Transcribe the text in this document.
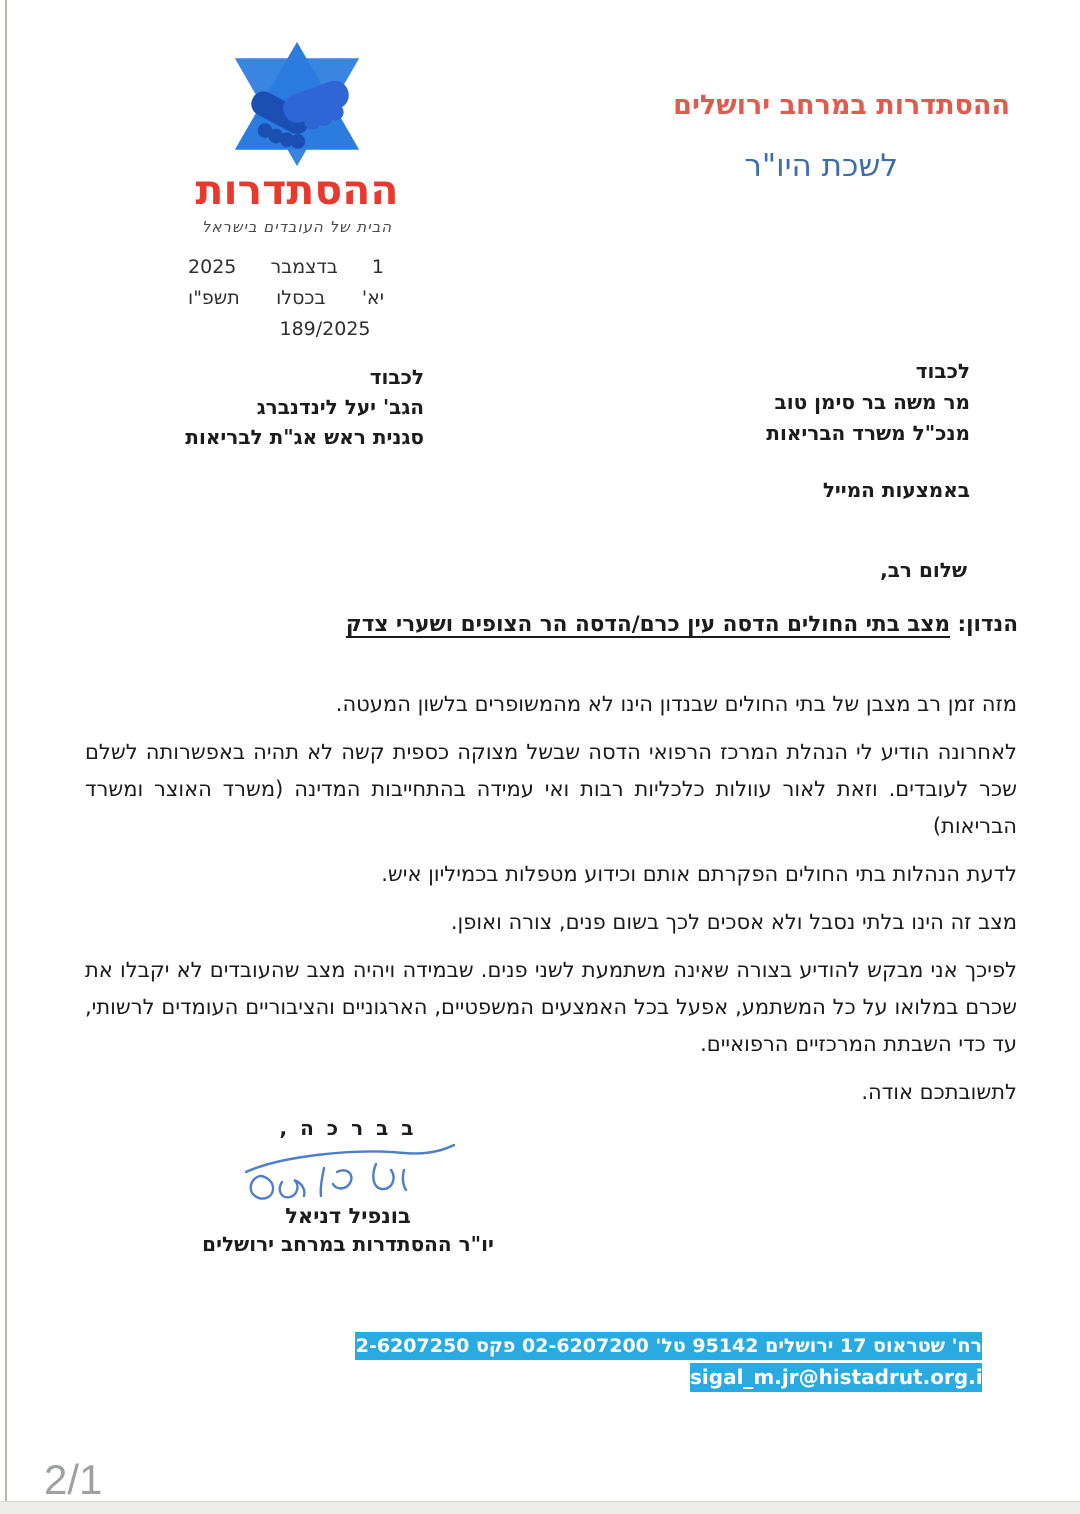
ההסתדרות
הבית של העובדים בישראל
ההסתדרות במרחב ירושלים
לשכת היו"ר
1
בדצמבר
2025
יא'
בכסלו
תשפ"ו
189/2025
לכבוד
מר משה בר סימן טוב
מנכ"ל משרד הבריאות
באמצעות המייל
לכבוד
הגב' יעל לינדנברג
סגנית ראש אג"ת לבריאות
שלום רב,
הנדון: מצב בתי החולים הדסה עין כרם/הדסה הר הצופים ושערי צדק

מזה זמן רב מצבן של בתי החולים שבנדון הינו לא מהמשופרים בלשון המעטה.

לאחרונה הודיע לי הנהלת המרכז הרפואי הדסה שבשל מצוקה כספית קשה לא תהיה באפשרותה לשלם שכר לעובדים. וזאת לאור עוולות כלכליות רבות ואי עמידה בהתחייבות המדינה (משרד האוצר ומשרד הבריאות)

לדעת הנהלות בתי החולים הפקרתם אותם וכידוע מטפלות בכמיליון איש.

מצב זה הינו בלתי נסבל ולא אסכים לכך בשום פנים, צורה ואופן.

לפיכך אני מבקש להודיע בצורה שאינה משתמעת לשני פנים. שבמידה ויהיה מצב שהעובדים לא יקבלו את שכרם במלואו על כל המשתמע, אפעל בכל האמצעים המשפטיים, הארגוניים והציבוריים העומדים לרשותי, עד כדי השבתת המרכזיים הרפואיים.

לתשובתכם אודה.

ב ב ר כ ה ,
בונפיל דניאל
יו"ר ההסתדרות במרחב ירושלים
רח' שטראוס 17 ירושלים 95142 טל' 02-6207200 פקס 02-6207250
sigal_m.jr@histadrut.org.il
2/1
